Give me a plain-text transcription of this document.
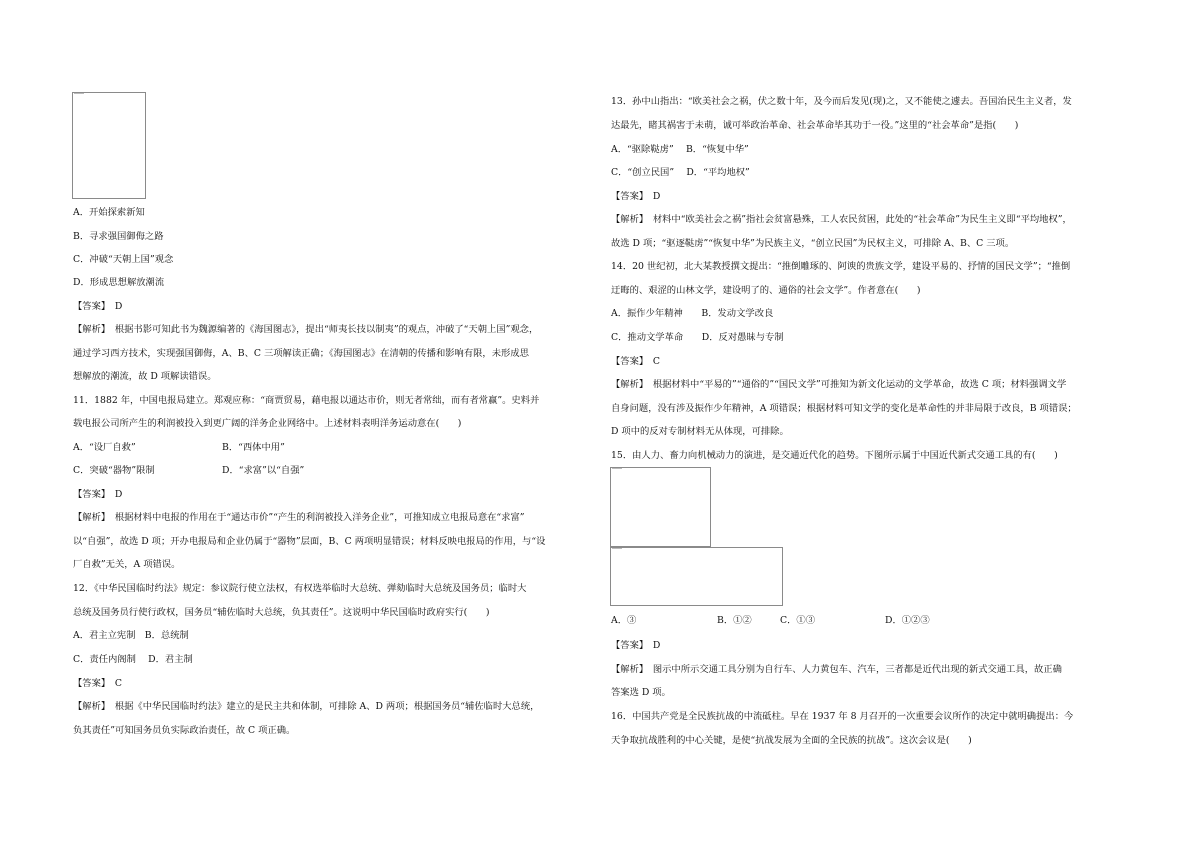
A．开始探索新知
B．寻求强国御侮之路
C．冲破“天朝上国”观念
D．形成思想解放潮流
【答案】　D
【解析】　根据书影可知此书为魏源编著的《海国图志》，提出“师夷长技以制夷”的观点，冲破了“天朝上国”观念，
通过学习西方技术，实现强国御侮，A、B、C 三项解读正确；《海国图志》在清朝的传播和影响有限，未形成思
想解放的潮流，故 D 项解读错误。
11．1882 年，中国电报局建立。郑观应称：“商贾贸易，藉电报以通达市价，则无者常绌，而有者常赢”。史料并
载电报公司所产生的利润被投入到更广阔的洋务企业网络中。上述材料表明洋务运动意在(　　)
A．“设厂自救”	B．“西体中用”
C．突破“器物”限制	D．“求富”以“自强”
【答案】　D
【解析】　根据材料中电报的作用在于“通达市价”“产生的利润被投入洋务企业”，可推知成立电报局意在“求富”
以“自强”，故选 D 项；开办电报局和企业仍属于“器物”层面，B、C 两项明显错误；材料反映电报局的作用，与“设
厂自救”无关，A 项错误。
12．《中华民国临时约法》规定：参议院行使立法权，有权选举临时大总统、弹劾临时大总统及国务员；临时大
总统及国务员行使行政权，国务员“辅佐临时大总统，负其责任”。这说明中华民国临时政府实行(　　)
A．君主立宪制　B．总统制
C．责任内阁制　 D．君主制
【答案】　C
【解析】　根据《中华民国临时约法》建立的是民主共和体制，可排除 A、D 两项；根据国务员“辅佐临时大总统，
负其责任”可知国务员负实际政治责任，故 C 项正确。
13．孙中山指出：“欧美社会之祸，伏之数十年，及今而后发见(现)之，又不能使之遽去。吾国治民生主义者，发
达最先，睹其祸害于未萌，诚可举政治革命、社会革命毕其功于一役。”这里的“社会革命”是指(　　)
A．“驱除鞑虏”　 B．“恢复中华”
C．“创立民国”　 D．“平均地权”
【答案】　D
【解析】　材料中“欧美社会之祸”指社会贫富悬殊，工人农民贫困，此处的“社会革命”为民生主义即“平均地权”，
故选 D 项；“驱逐鞑虏”“恢复中华”为民族主义，“创立民国”为民权主义，可排除 A、B、C 三项。
14．20 世纪初，北大某教授撰文提出：“推倒雕琢的、阿谀的贵族文学，建设平易的、抒情的国民文学”；“推倒
迂晦的、艰涩的山林文学，建设明了的、通俗的社会文学”。作者意在(　　)
A．振作少年精神　　B．发动文学改良
C．推动文学革命　　D．反对愚昧与专制
【答案】　C
【解析】　根据材料中“平易的”“通俗的”“国民文学”可推知为新文化运动的文学革命，故选 C 项；材料强调文学
自身问题，没有涉及振作少年精神，A 项错误；根据材料可知文学的变化是革命性的并非局限于改良，B 项错误；
D 项中的反对专制材料无从体现，可排除。
15．由人力、畜力向机械动力的演进，是交通近代化的趋势。下图所示属于中国近代新式交通工具的有(　　)
A．③	B．①②	C．①③	D．①②③
【答案】　D
【解析】　图示中所示交通工具分别为自行车、人力黄包车、汽车，三者都是近代出现的新式交通工具，故正确
答案选 D 项。
16．中国共产党是全民族抗战的中流砥柱。早在 1937 年 8 月召开的一次重要会议所作的决定中就明确提出：今
天争取抗战胜利的中心关键，是使“抗战发展为全面的全民族的抗战”。这次会议是(　　)
